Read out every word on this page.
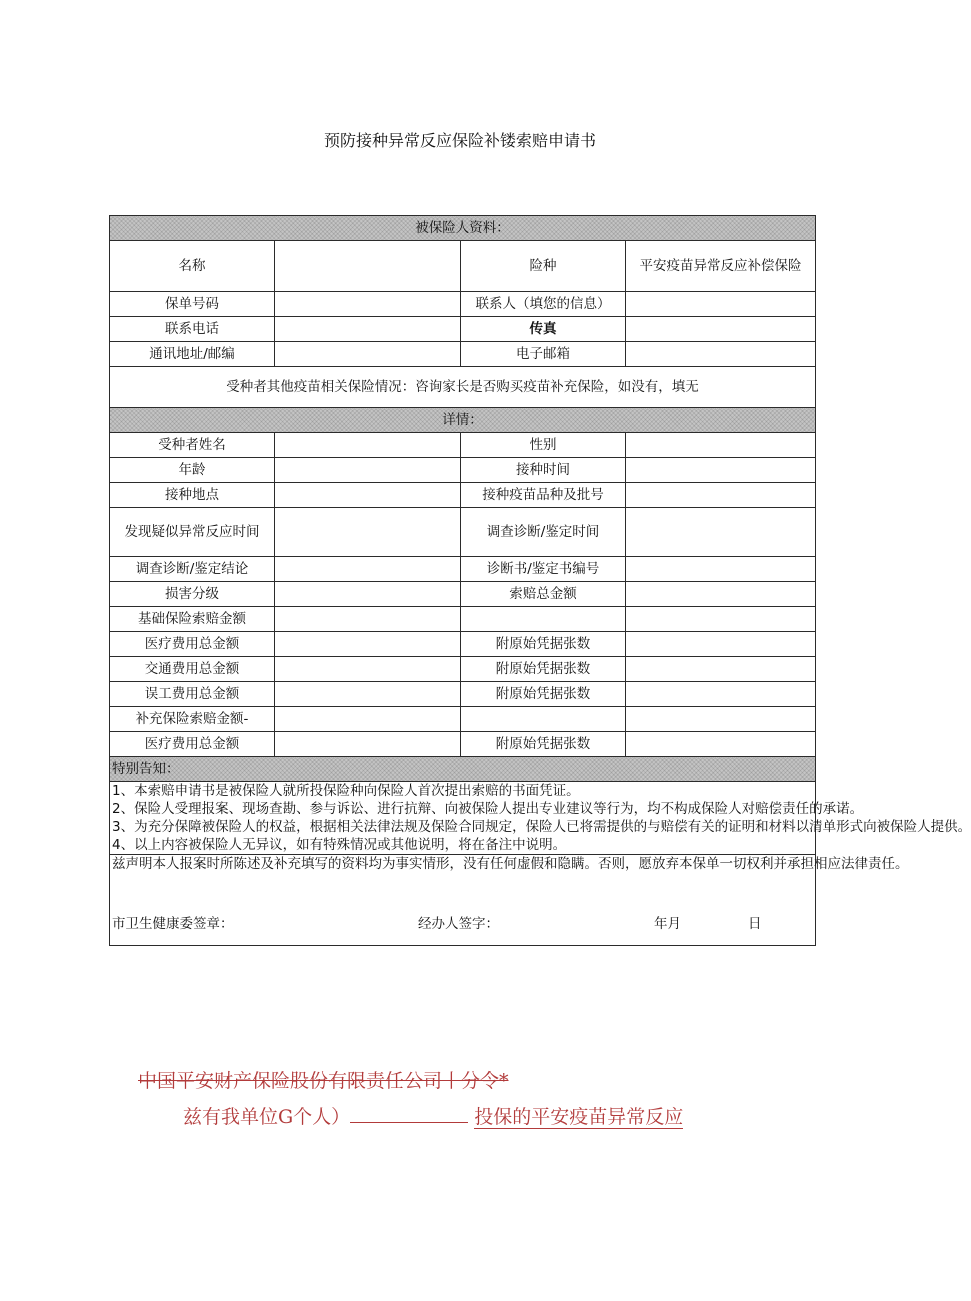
预防接种异常反应保险补镂索赔申请书
被保险人资料：			
名称		险种	平安疫苗异常反应补偿保险
保单号码		联系人（填您的信息）	
联系电话		传真	
通讯地址/邮编		电子邮箱	
受种者其他疫苗相关保险情况：咨询家长是否购买疫苗补充保险，如没有，填无			
详情：			
受种者姓名		性别	
年龄		接种时间	
接种地点		接种疫苗品种及批号	
发现疑似异常反应时间		调查诊断/鉴定时间	
调查诊断/鉴定结论		诊断书/鉴定书编号	
损害分级		索赔总金额	
基础保险索赔金额			
医疗费用总金额		附原始凭据张数	
交通费用总金额		附原始凭据张数	
误工费用总金额		附原始凭据张数	
补充保险索赔金额-			
医疗费用总金额		附原始凭据张数	
特别告知：			

1、本索赔申请书是被保险人就所投保险种向保险人首次提出索赔的书面凭证。

2、保险人受理报案、现场查勘、参与诉讼、进行抗辩、向被保险人提出专业建议等行为，均不构成保险人对赔偿责任的承诺。

3、为充分保障被保险人的权益，根据相关法律法规及保险合同规定，保险人已将需提供的与赔偿有关的证明和材料以清单形式向被保险人提供。

4、以上内容被保险人无异议，如有特殊情况或其他说明，将在备注中说明。			

兹声明本人报案时所陈述及补充填写的资料均为事实情形，没有任何虚假和隐瞒。否则，愿放弃本保单一切权利并承担相应法律责任。
市卫生健康委签章： 经办人签字： 年月 日			
中国平安财产保险股份有限责任公司丨分令*
兹有我单位G个人）	投保的平安疫苗异常反应
